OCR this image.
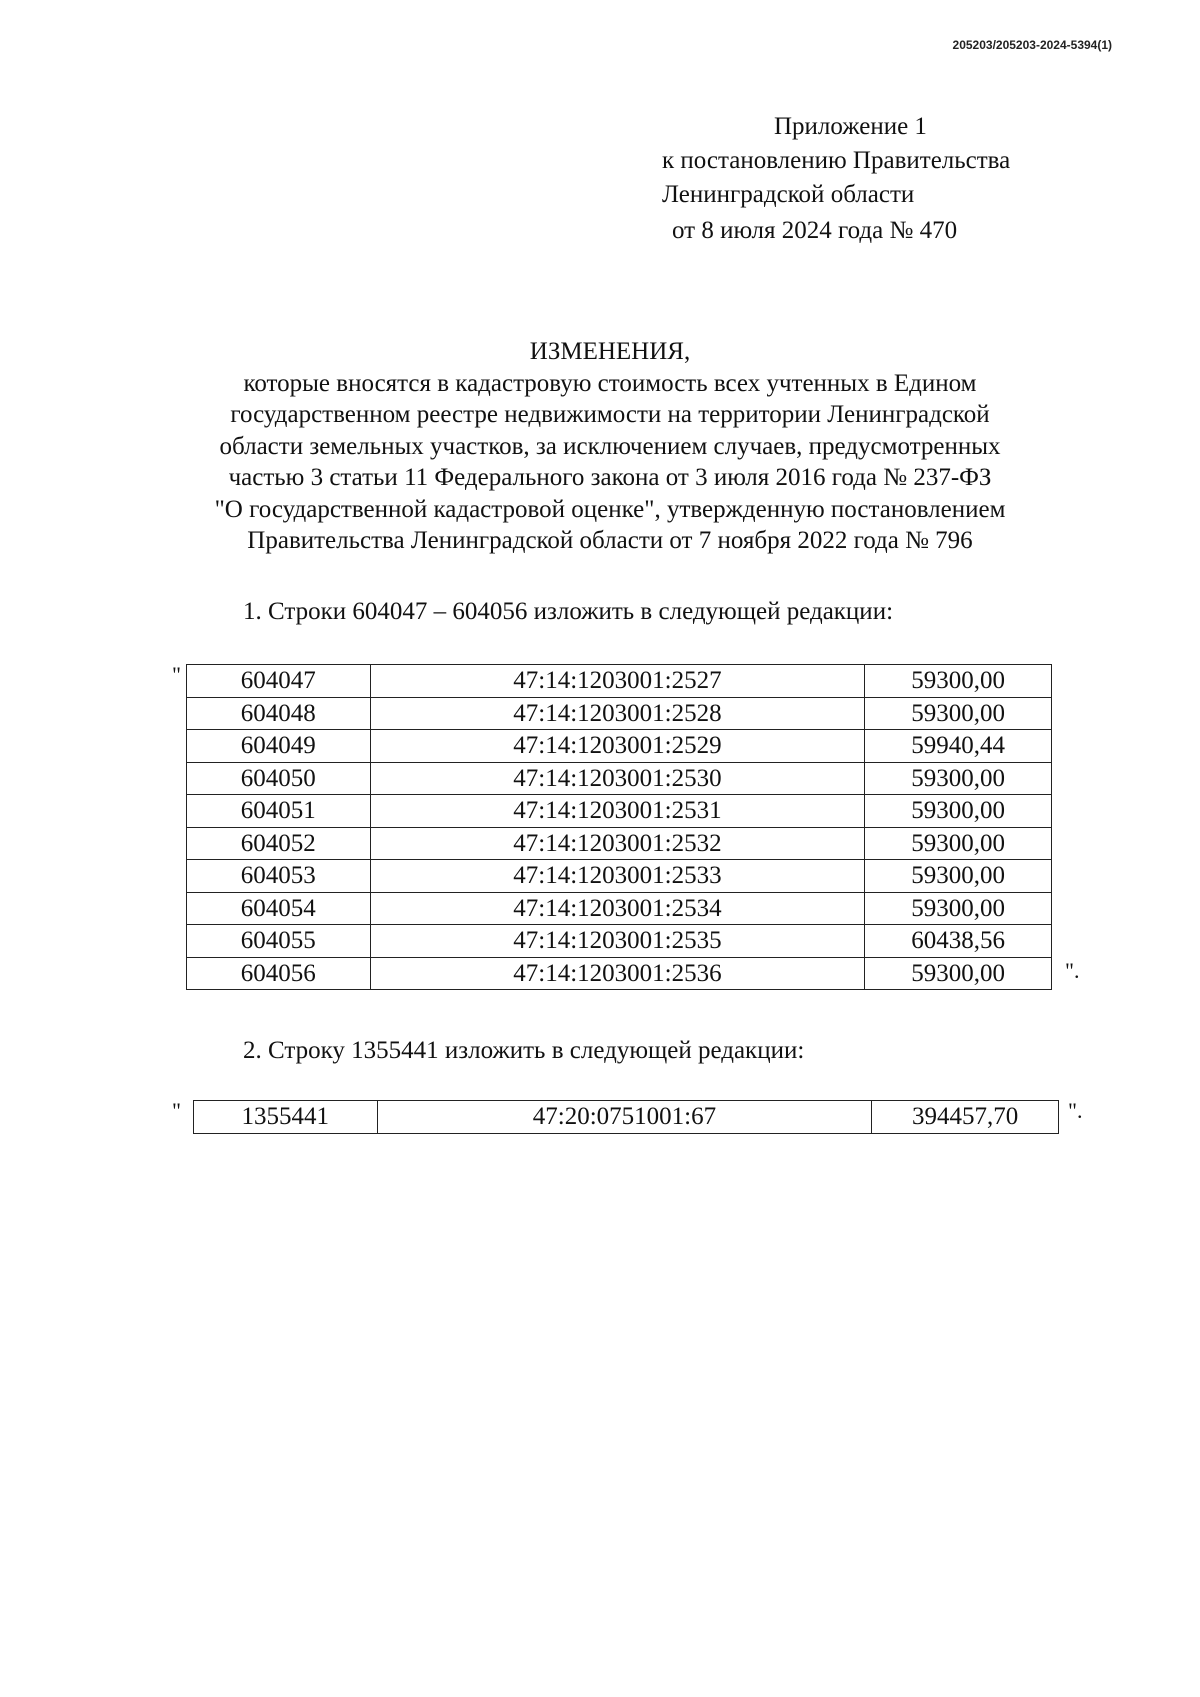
205203/205203-2024-5394(1)
Приложение 1
к постановлению Правительства
Ленинградской области
от 8 июля 2024 года № 470
ИЗМЕНЕНИЯ,
которые вносятся в кадастровую стоимость всех учтенных в Едином
государственном реестре недвижимости на территории Ленинградской
области земельных участков, за исключением случаев, предусмотренных
частью 3 статьи 11 Федерального закона от 3 июля 2016 года № 237-ФЗ
"О государственной кадастровой оценке", утвержденную постановлением
Правительства Ленинградской области от 7 ноября 2022 года № 796
1. Строки 604047 – 604056 изложить в следующей редакции:
" 604047	47:14:1203001:2527	59300,00
604048	47:14:1203001:2528	59300,00
604049	47:14:1203001:2529	59940,44
604050	47:14:1203001:2530	59300,00
604051	47:14:1203001:2531	59300,00
604052	47:14:1203001:2532	59300,00
604053	47:14:1203001:2533	59300,00
604054	47:14:1203001:2534	59300,00
604055	47:14:1203001:2535	60438,56
604056	47:14:1203001:2536	59300,00	".
2. Строку 1355441 изложить в следующей редакции:
" 1355441	47:20:0751001:67	394457,70 ".
